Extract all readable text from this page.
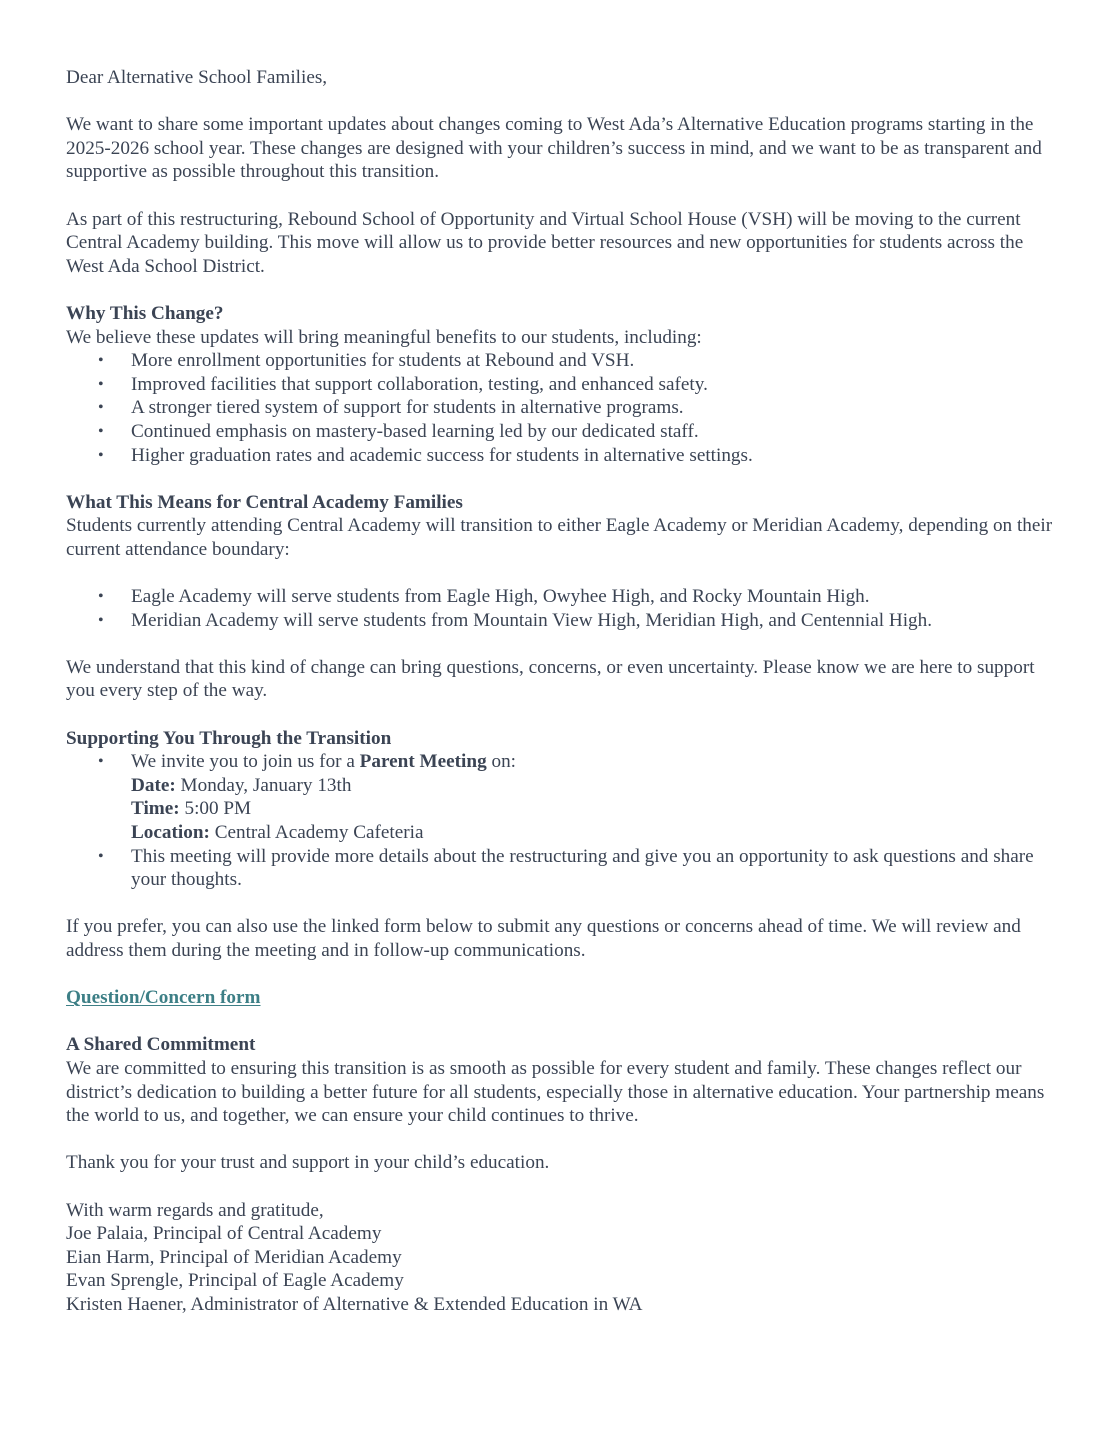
Dear Alternative School Families,

We want to share some important updates about changes coming to West Ada’s Alternative Education programs starting in the 2025-2026 school year. These changes are designed with your children’s success in mind, and we want to be as transparent and supportive as possible throughout this transition.

As part of this restructuring, Rebound School of Opportunity and Virtual School House (VSH) will be moving to the current Central Academy building. This move will allow us to provide better resources and new opportunities for students across the West Ada School District.

Why This Change?

We believe these updates will bring meaningful benefits to our students, including:

• More enrollment opportunities for students at Rebound and VSH.
• Improved facilities that support collaboration, testing, and enhanced safety.
• A stronger tiered system of support for students in alternative programs.
• Continued emphasis on mastery-based learning led by our dedicated staff.
• Higher graduation rates and academic success for students in alternative settings.

What This Means for Central Academy Families

Students currently attending Central Academy will transition to either Eagle Academy or Meridian Academy, depending on their current attendance boundary:

• Eagle Academy will serve students from Eagle High, Owyhee High, and Rocky Mountain High.
• Meridian Academy will serve students from Mountain View High, Meridian High, and Centennial High.

We understand that this kind of change can bring questions, concerns, or even uncertainty. Please know we are here to support you every step of the way.

Supporting You Through the Transition

• We invite you to join us for a Parent Meeting on:
Date: Monday, January 13th
Time: 5:00 PM
Location: Central Academy Cafeteria
• This meeting will provide more details about the restructuring and give you an opportunity to ask questions and share your thoughts.

If you prefer, you can also use the linked form below to submit any questions or concerns ahead of time. We will review and address them during the meeting and in follow-up communications.

Question/Concern form

A Shared Commitment

We are committed to ensuring this transition is as smooth as possible for every student and family. These changes reflect our district’s dedication to building a better future for all students, especially those in alternative education. Your partnership means the world to us, and together, we can ensure your child continues to thrive.

Thank you for your trust and support in your child’s education.

With warm regards and gratitude,

Joe Palaia, Principal of Central Academy

Eian Harm, Principal of Meridian Academy

Evan Sprengle, Principal of Eagle Academy

Kristen Haener, Administrator of Alternative & Extended Education in WA
